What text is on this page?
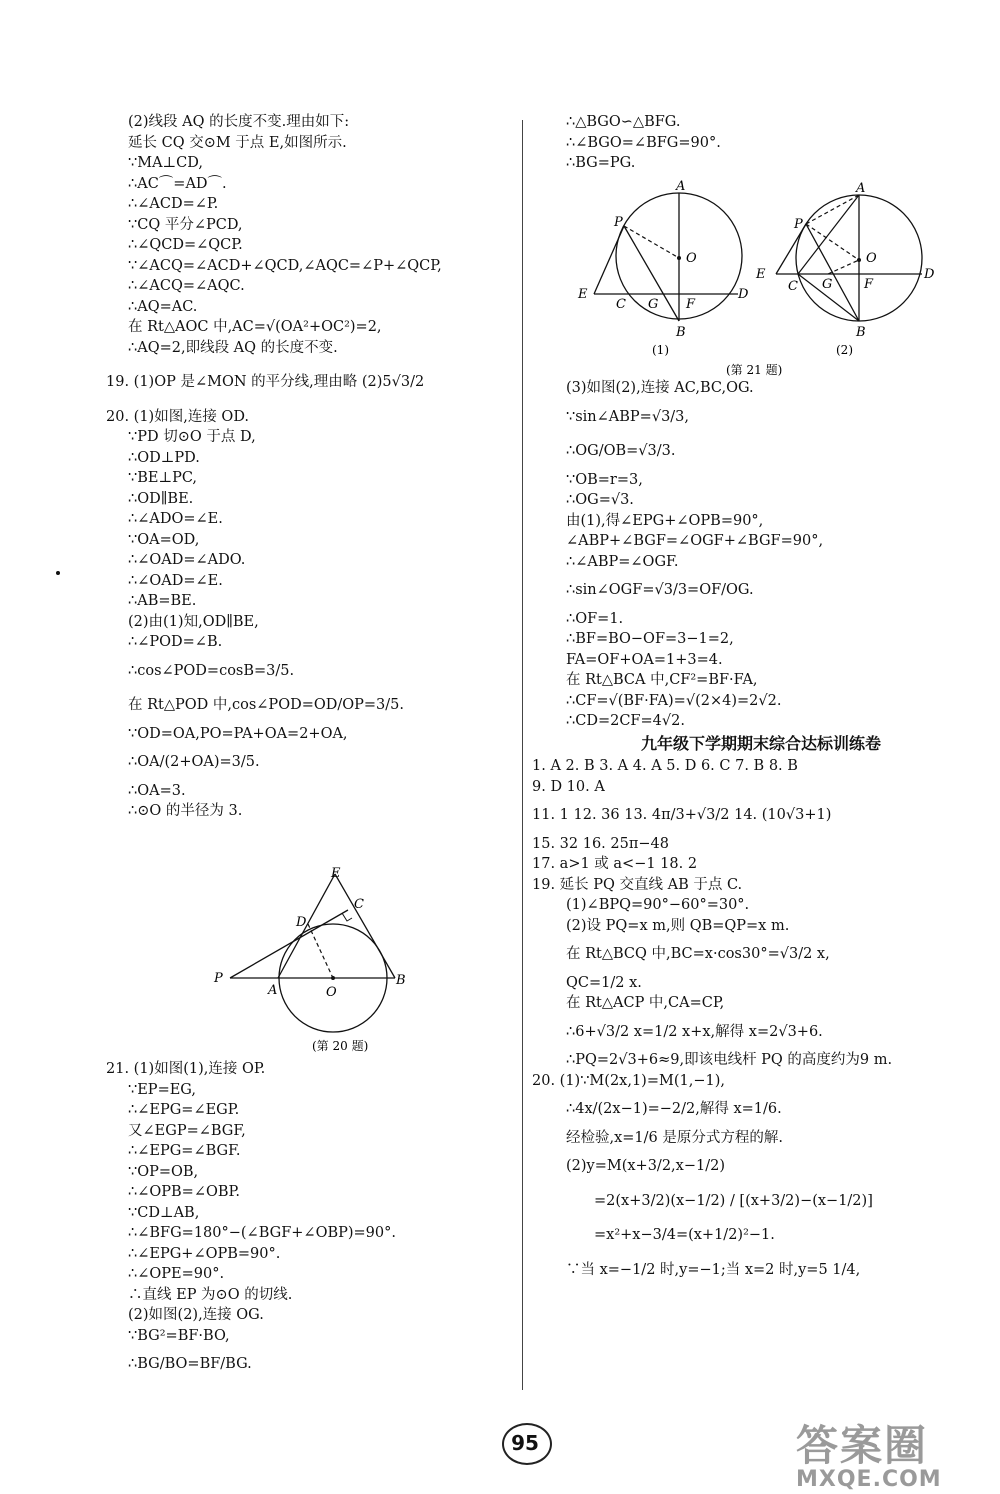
(2)线段 AQ 的长度不变.理由如下:
延长 CQ 交⊙M 于点 E,如图所示.
∵MA⊥CD,
∴AC⌒=AD⌒.
∴∠ACD=∠P.
∵CQ 平分∠PCD,
∴∠QCD=∠QCP.
∵∠ACQ=∠ACD+∠QCD,∠AQC=∠P+∠QCP,
∴∠ACQ=∠AQC.
∴AQ=AC.
在 Rt△AOC 中,AC=√(OA²+OC²)=2,
∴AQ=2,即线段 AQ 的长度不变.
19. (1)OP 是∠MON 的平分线,理由略 (2)5√3/2
20. (1)如图,连接 OD.
∵PD 切⊙O 于点 D,
∴OD⊥PD.
∵BE⊥PC,
∴OD∥BE.
∴∠ADO=∠E.
∵OA=OD,
∴∠OAD=∠ADO.
∴∠OAD=∠E.
∴AB=BE.
(2)由(1)知,OD∥BE,
∴∠POD=∠B.
∴cos∠POD=cosB=3/5.
在 Rt△POD 中,cos∠POD=OD/OP=3/5.
∵OD=OA,PO=PA+OA=2+OA,
∴OA/(2+OA)=3/5.
∴OA=3.
∴⊙O 的半径为 3.
E
C
D
P
A	O
B
(第 20 题)
21. (1)如图(1),连接 OP.
∵EP=EG,
∴∠EPG=∠EGP.
又∠EGP=∠BGF,
∴∠EPG=∠BGF.
∵OP=OB,
∴∠OPB=∠OBP.
∵CD⊥AB,
∴∠BFG=180°−(∠BGF+∠OBP)=90°.
∴∠EPG+∠OPB=90°.
∴∠OPE=90°.
∴直线 EP 为⊙O 的切线.
(2)如图(2),连接 OG.
∵BG²=BF·BO,
∴BG/BO=BF/BG.
∴△BGO∽△BFG.
∴∠BGO=∠BFG=90°.
∴BG=PG.
A
P
O
E
C G F
D
B
(1)
A
P
O
E
C G F
D
B
(2)
(第 21 题)
(3)如图(2),连接 AC,BC,OG.
∵sin∠ABP=√3/3,
∴OG/OB=√3/3.
∵OB=r=3,
∴OG=√3.
由(1),得∠EPG+∠OPB=90°,
∠ABP+∠BGF=∠OGF+∠BGF=90°,
∴∠ABP=∠OGF.
∴sin∠OGF=√3/3=OF/OG.
∴OF=1.
∴BF=BO−OF=3−1=2,
FA=OF+OA=1+3=4.
在 Rt△BCA 中,CF²=BF·FA,
∴CF=√(BF·FA)=√(2×4)=2√2.
∴CD=2CF=4√2.
九年级下学期期末综合达标训练卷
1. A 2. B 3. A 4. A 5. D 6. C 7. B 8. B
9. D 10. A
11. 1 12. 36 13. 4π/3+√3/2 14. (10√3+1)
15. 32 16. 25π−48
17. a>1 或 a<−1 18. 2
19. 延长 PQ 交直线 AB 于点 C.
(1)∠BPQ=90°−60°=30°.
(2)设 PQ=x m,则 QB=QP=x m.
在 Rt△BCQ 中,BC=x·cos30°=√3/2 x,
QC=1/2 x.
在 Rt△ACP 中,CA=CP,
∴6+√3/2 x=1/2 x+x,解得 x=2√3+6.
∴PQ=2√3+6≈9,即该电线杆 PQ 的高度约为9 m.
20. (1)∵M(2x,1)=M(1,−1),
∴4x/(2x−1)=−2/2,解得 x=1/6.
经检验,x=1/6 是原分式方程的解.
(2)y=M(x+3/2,x−1/2)
=2(x+3/2)(x−1/2) / [(x+3/2)−(x−1/2)]
=x²+x−3/4=(x+1/2)²−1.
∵当 x=−1/2 时,y=−1;当 x=2 时,y=5 1/4,
95	答案圈
MXQE.COM
